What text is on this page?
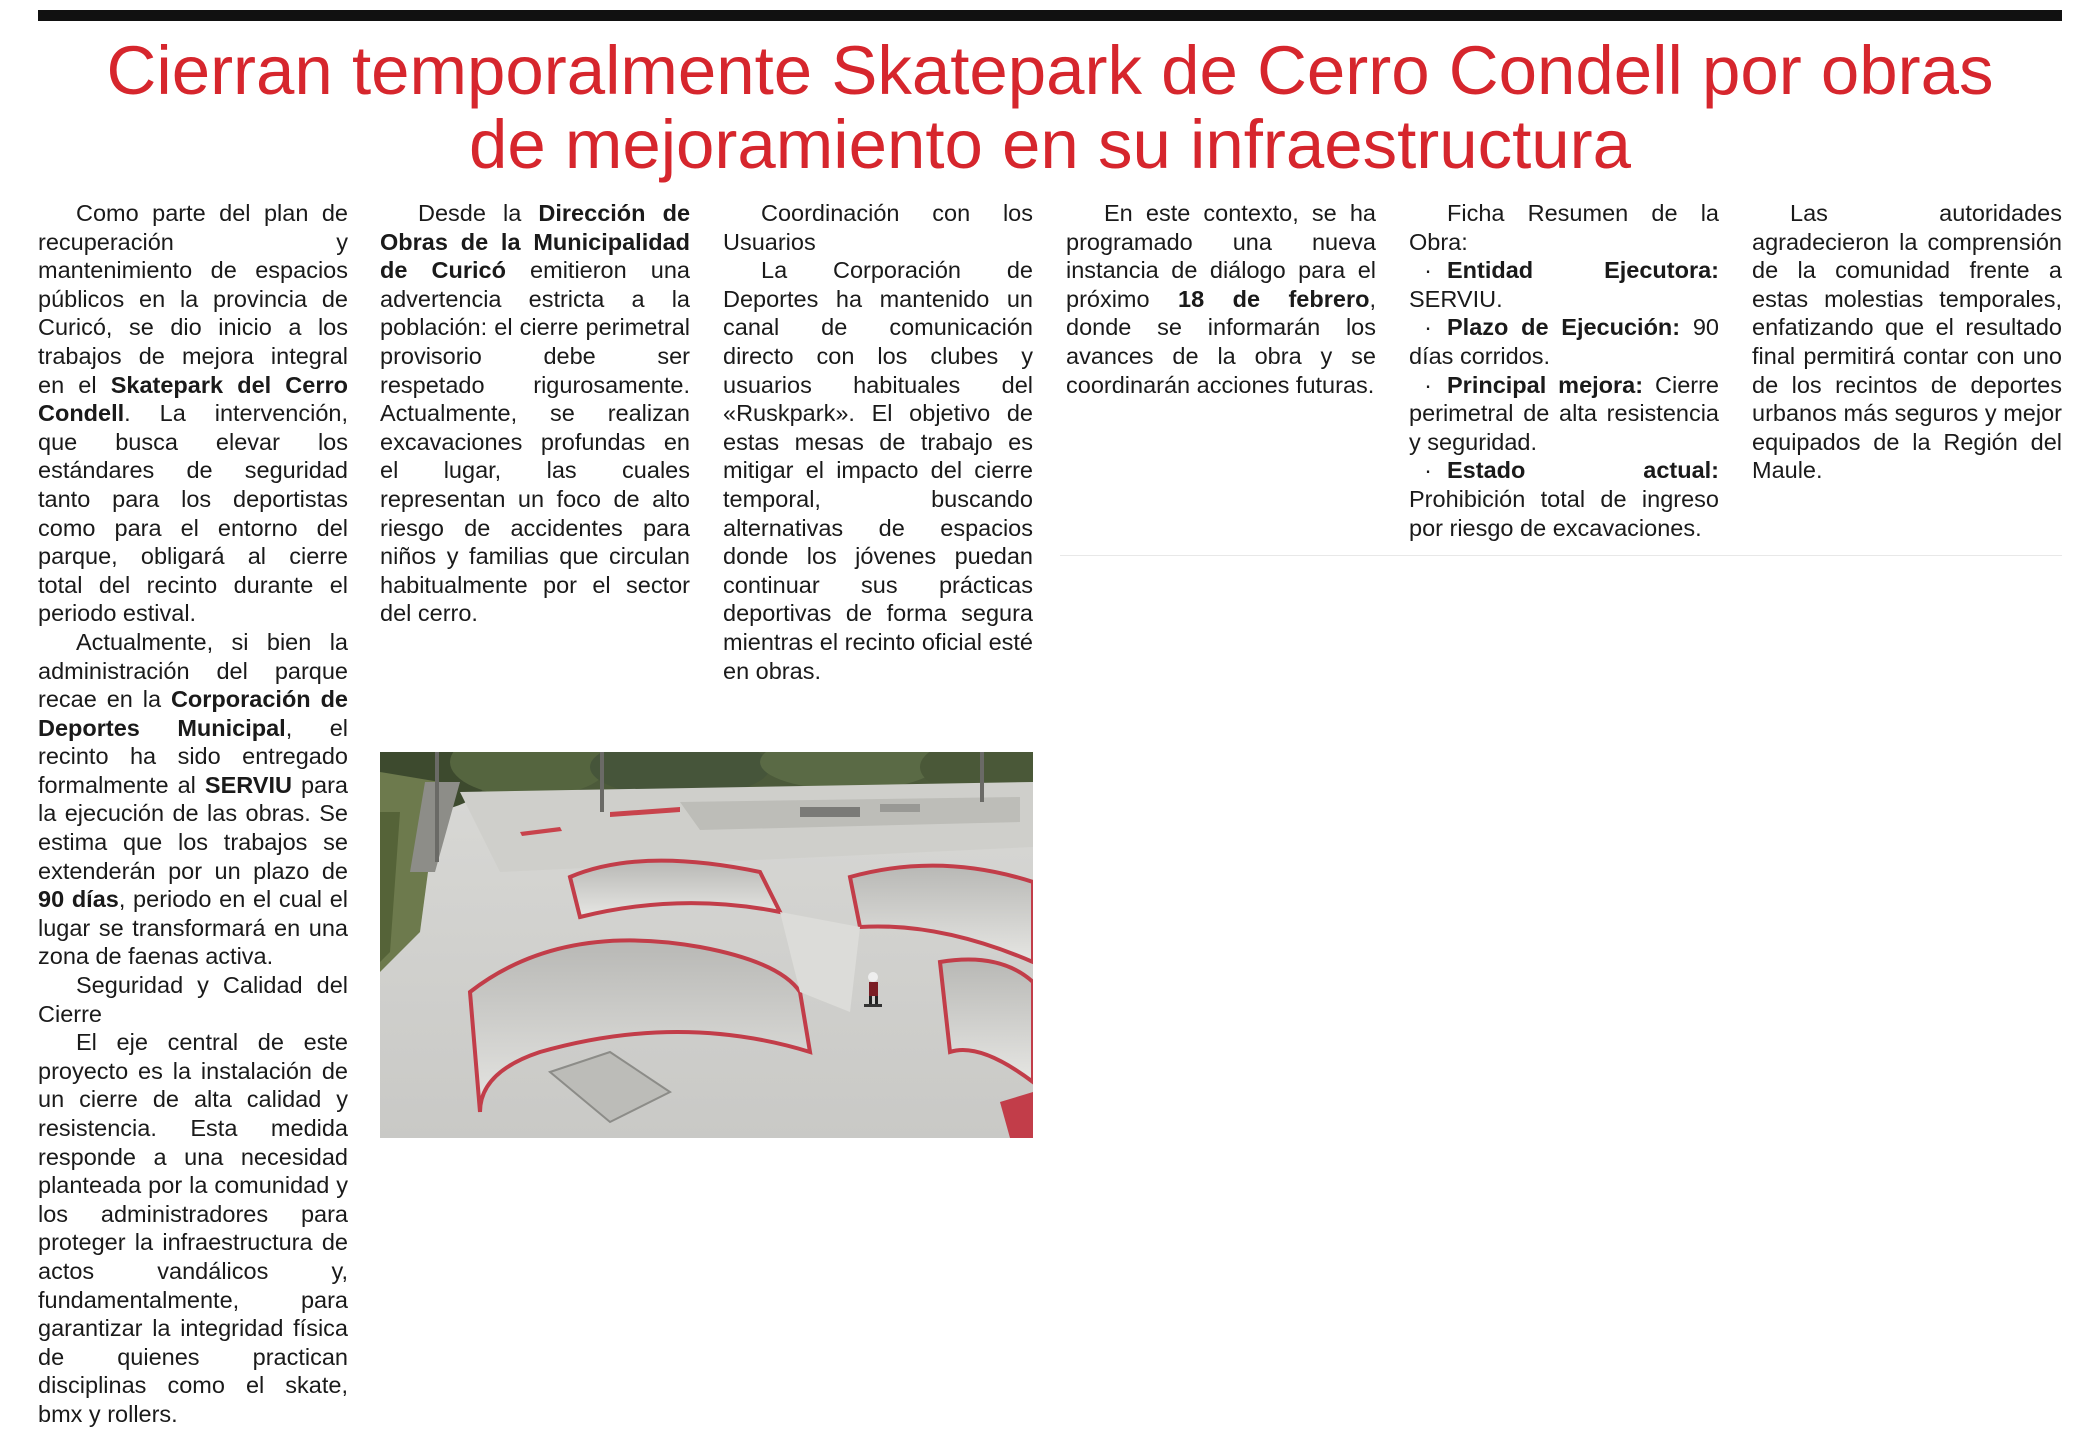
Cierran temporalmente Skatepark de Cerro Condell por obras
de mejoramiento en su infraestructura

Como parte del plan de recuperación y mantenimiento de espacios públicos en la provincia de Curicó, se dio inicio a los trabajos de mejora integral en el Skatepark del Cerro Condell. La intervención, que busca elevar los estándares de seguridad tanto para los deportistas como para el entorno del parque, obligará al cierre total del recinto durante el periodo estival.

Actualmente, si bien la administración del parque recae en la Corporación de Deportes Municipal, el recinto ha sido entregado formalmente al SERVIU para la ejecución de las obras. Se estima que los trabajos se extenderán por un plazo de 90 días, periodo en el cual el lugar se transformará en una zona de faenas activa.

Seguridad y Calidad del Cierre

El eje central de este proyecto es la instalación de un cierre de alta calidad y resistencia. Esta medida responde a una necesidad planteada por la comunidad y los administradores para proteger la infraestructura de actos vandálicos y, fundamentalmente, para garantizar la integridad física de quienes practican disciplinas como el skate, bmx y rollers.

Desde la Dirección de Obras de la Municipalidad de Curicó emitieron una advertencia estricta a la población: el cierre perimetral provisorio debe ser respetado rigurosamente. Actualmente, se realizan excavaciones profundas en el lugar, las cuales representan un foco de alto riesgo de accidentes para niños y familias que circulan habitualmente por el sector del cerro.

Coordinación con los Usuarios

La Corporación de Deportes ha mantenido un canal de comunicación directo con los clubes y usuarios habituales del «Ruskpark». El objetivo de estas mesas de trabajo es mitigar el impacto del cierre temporal, buscando alternativas de espacios donde los jóvenes puedan continuar sus prácticas deportivas de forma segura mientras el recinto oficial esté en obras.

En este contexto, se ha programado una nueva instancia de diálogo para el próximo 18 de febrero, donde se informarán los avances de la obra y se coordinarán acciones futuras.

Ficha Resumen de la Obra:

· Entidad Ejecutora: SERVIU.

· Plazo de Ejecución: 90 días corridos.

· Principal mejora: Cierre perimetral de alta resistencia y seguridad.

· Estado actual: Prohibición total de ingreso por riesgo de excavaciones.

Las autoridades agradecieron la comprensión de la comunidad frente a estas molestias temporales, enfatizando que el resultado final permitirá contar con uno de los recintos de deportes urbanos más seguros y mejor equipados de la Región del Maule.
